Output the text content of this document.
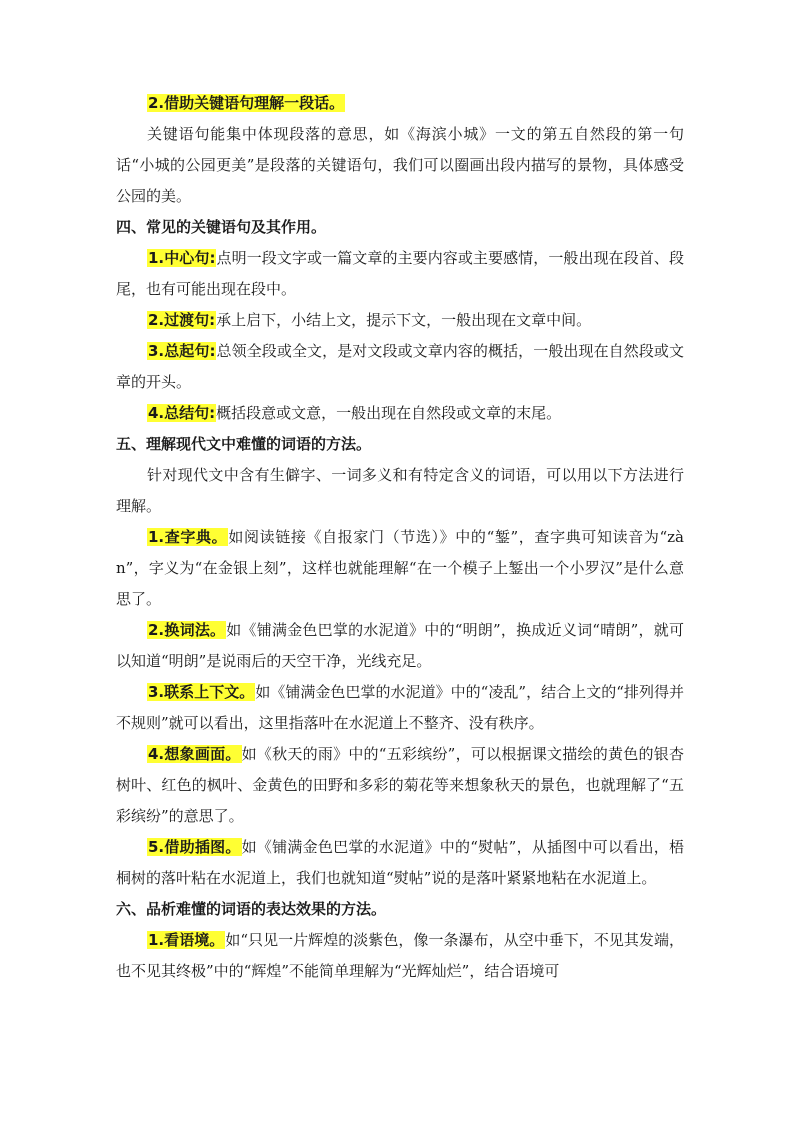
2.借助关键语句理解一段话。

关键语句能集中体现段落的意思，如《海滨小城》一文的第五自然段的第一句话“小城的公园更美”是段落的关键语句，我们可以圈画出段内描写的景物，具体感受公园的美。

四、常见的关键语句及其作用。

1.中心句:点明一段文字或一篇文章的主要内容或主要感情，一般出现在段首、段尾，也有可能出现在段中。

2.过渡句:承上启下，小结上文，提示下文，一般出现在文章中间。

3.总起句:总领全段或全文，是对文段或文章内容的概括，一般出现在自然段或文章的开头。

4.总结句:概括段意或文意，一般出现在自然段或文章的末尾。

五、理解现代文中难懂的词语的方法。

针对现代文中含有生僻字、一词多义和有特定含义的词语，可以用以下方法进行理解。

1.查字典。如阅读链接《自报家门（节选）》中的“錾”，查字典可知读音为“zàn”，字义为“在金银上刻”，这样也就能理解“在一个模子上錾出一个小罗汉”是什么意思了。

2.换词法。如《铺满金色巴掌的水泥道》中的“明朗”，换成近义词“晴朗”，就可以知道“明朗”是说雨后的天空干净，光线充足。

3.联系上下文。如《铺满金色巴掌的水泥道》中的“凌乱”，结合上文的“排列得并不规则”就可以看出，这里指落叶在水泥道上不整齐、没有秩序。

4.想象画面。如《秋天的雨》中的“五彩缤纷”，可以根据课文描绘的黄色的银杏树叶、红色的枫叶、金黄色的田野和多彩的菊花等来想象秋天的景色，也就理解了“五彩缤纷”的意思了。

5.借助插图。如《铺满金色巴掌的水泥道》中的“熨帖”，从插图中可以看出，梧桐树的落叶粘在水泥道上，我们也就知道“熨帖”说的是落叶紧紧地粘在水泥道上。

六、品析难懂的词语的表达效果的方法。

1.看语境。如“只见一片辉煌的淡紫色，像一条瀑布，从空中垂下，不见其发端，也不见其终极”中的“辉煌”不能简单理解为“光辉灿烂”，结合语境可
